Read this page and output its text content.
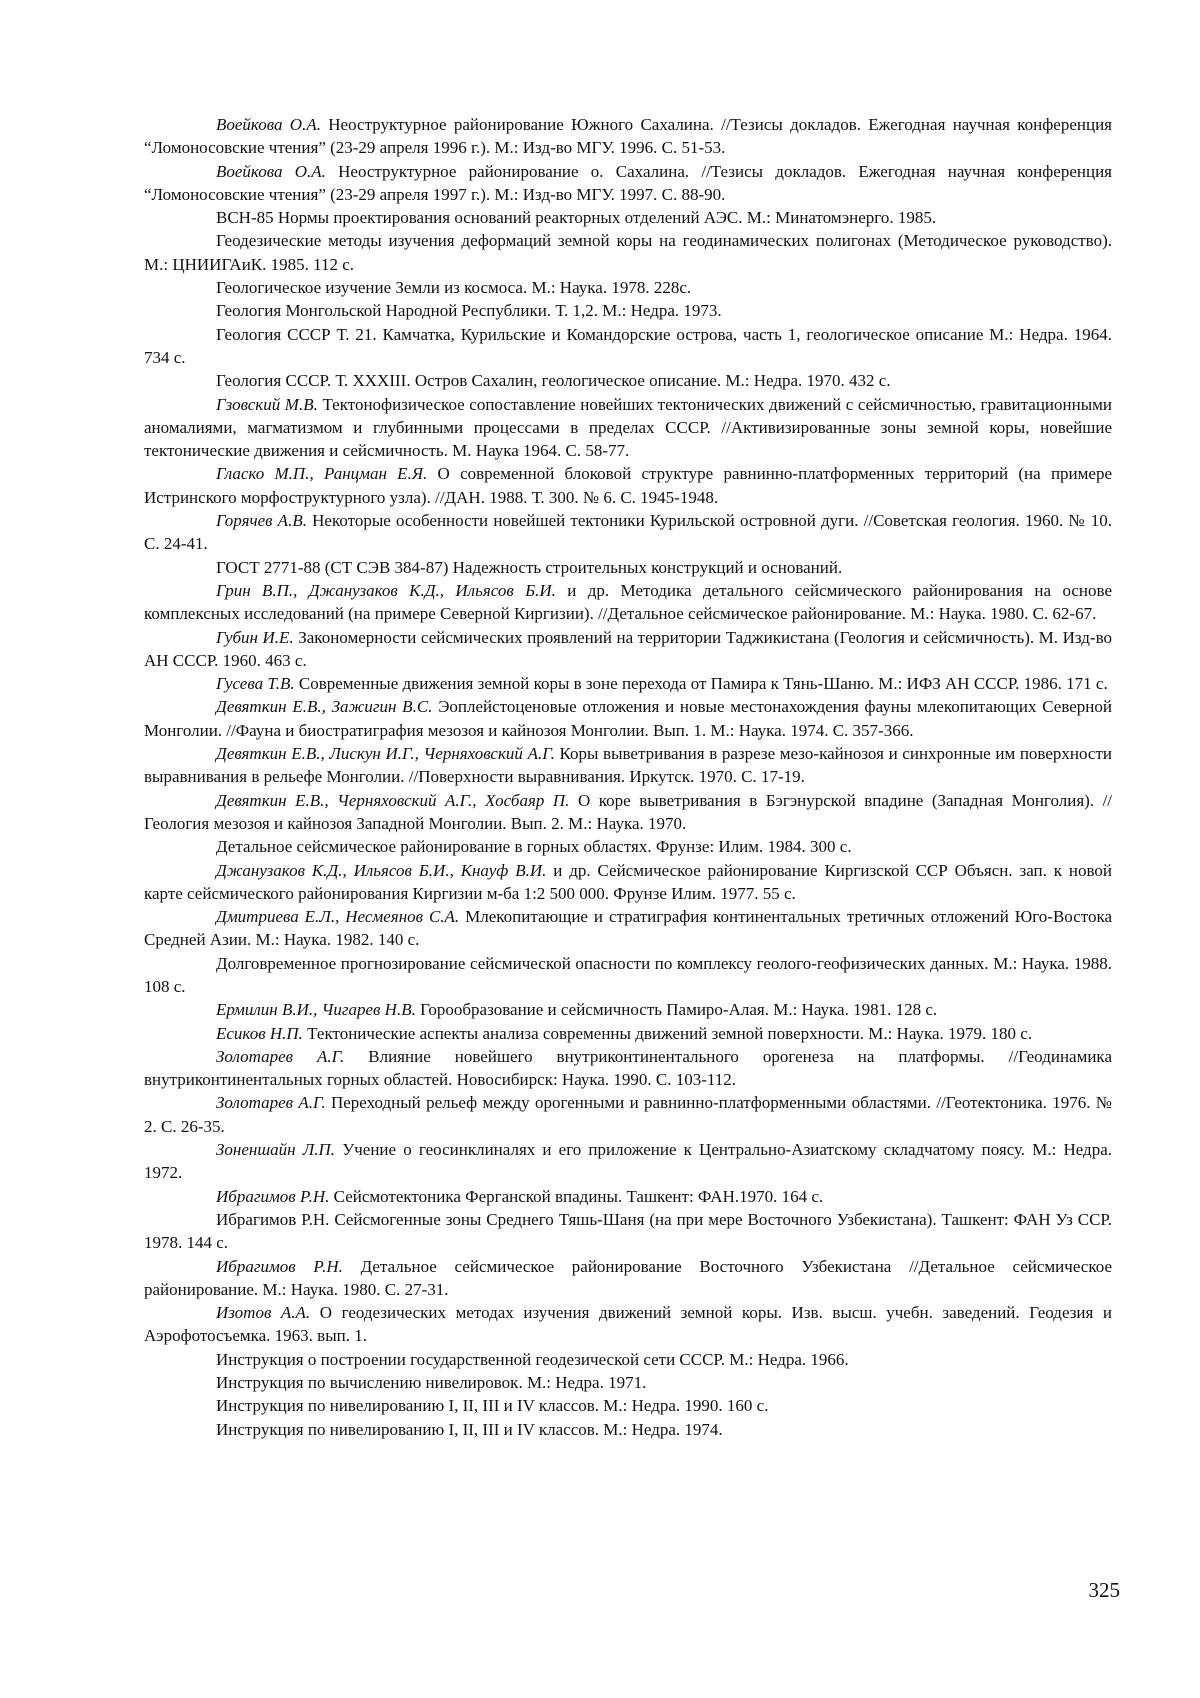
Воейкова О.А. Неоструктурное районирование Южного Сахалина. //Тезисы докладов. Ежегодная научная конференция “Ломоносовские чтения” (23-29 апреля 1996 г.). М.: Изд-во МГУ. 1996. С. 51-53.

Воейкова О.А. Неоструктурное районирование о. Сахалина. //Тезисы докладов. Ежегодная научная конференция “Ломоносовские чтения” (23-29 апреля 1997 г.). М.: Изд-во МГУ. 1997. С. 88-90.

ВСН-85 Нормы проектирования оснований реакторных отделений АЭС. М.: Минатомэнерго. 1985.

Геодезические методы изучения деформаций земной коры на геодинамических полигонах (Методическое руководство). М.: ЦНИИГАиК. 1985. 112 с.

Геологическое изучение Земли из космоса. М.: Наука. 1978. 228с.

Геология Монгольской Народной Республики. Т. 1,2. М.: Недра. 1973.

Геология СССР Т. 21. Камчатка, Курильские и Командорские острова, часть 1, геологическое описание М.: Недра. 1964. 734 с.

Геология СССР. Т. XXXIII. Остров Сахалин, геологическое описание. М.: Недра. 1970. 432 с.

Гзовский М.В. Тектонофизическое сопоставление новейших тектонических движений с сейсмичностью, гравитационными аномалиями, магматизмом и глубинными процессами в пределах СССР. //Активизированные зоны земной коры, новейшие тектонические движения и сейсмичность. М. Наука 1964. С. 58-77.

Гласко М.П., Ранцман Е.Я. О современной блоковой структуре равнинно-платформенных территорий (на примере Истринского морфоструктурного узла). //ДАН. 1988. Т. 300. № 6. С. 1945-1948.

Горячев А.В. Некоторые особенности новейшей тектоники Курильской островной дуги. //Советская геология. 1960. № 10. С. 24-41.

ГОСТ 2771-88 (СТ СЭВ 384-87) Надежность строительных конструкций и оснований.

Грин В.П., Джанузаков К.Д., Ильясов Б.И. и др. Методика детального сейсмического районирования на основе комплексных исследований (на примере Северной Киргизии). //Детальное сейсмическое районирование. М.: Наука. 1980. С. 62-67.

Губин И.Е. Закономерности сейсмических проявлений на территории Таджикистана (Геология и сейсмичность). М. Изд-во АН СССР. 1960. 463 с.

Гусева Т.В. Современные движения земной коры в зоне перехода от Памира к Тянь-Шаню. М.: ИФЗ АН СССР. 1986. 171 с.

Девяткин Е.В., Зажигин В.С. Эоплейстоценовые отложения и новые местонахождения фауны млекопитающих Северной Монголии. //Фауна и биостратиграфия мезозоя и кайнозоя Монголии. Вып. 1. М.: Наука. 1974. С. 357-366.

Девяткин Е.В., Лискун И.Г., Черняховский А.Г. Коры выветривания в разрезе мезо-кайнозоя и синхронные им поверхности выравнивания в рельефе Монголии. //Поверхности выравнивания. Иркутск. 1970. С. 17-19.

Девяткин Е.В., Черняховский А.Г., Хосбаяр П. О коре выветривания в Бэгэнурской впадине (Западная Монголия). //Геология мезозоя и кайнозоя Западной Монголии. Вып. 2. М.: Наука. 1970.

Детальное сейсмическое районирование в горных областях. Фрунзе: Илим. 1984. 300 с.

Джанузаков К.Д., Ильясов Б.И., Кнауф В.И. и др. Сейсмическое районирование Киргизской ССР Объясн. зап. к новой карте сейсмического районирования Киргизии м-ба 1:2 500 000. Фрунзе Илим. 1977. 55 с.

Дмитриева Е.Л., Несмеянов С.А. Млекопитающие и стратиграфия континентальных третичных отложений Юго-Востока Средней Азии. М.: Наука. 1982. 140 с.

Долговременное прогнозирование сейсмической опасности по комплексу геолого-геофизических данных. М.: Наука. 1988. 108 с.

Ермилин В.И., Чигарев Н.В. Горообразование и сейсмичность Памиро-Алая. М.: Наука. 1981. 128 с.

Есиков Н.П. Тектонические аспекты анализа современны движений земной поверхности. М.: Наука. 1979. 180 с.

Золотарев А.Г. Влияние новейшего внутриконтинентального орогенеза на платформы. //Геодинамика внутриконтинентальных горных областей. Новосибирск: Наука. 1990. С. 103-112.

Золотарев А.Г. Переходный рельеф между орогенными и равнинно-платформенными областями. //Геотектоника. 1976. № 2. С. 26-35.

Зоненшайн Л.П. Учение о геосинклиналях и его приложение к Центрально-Азиатскому складчатому поясу. М.: Недра. 1972.

Ибрагимов Р.Н. Сейсмотектоника Ферганской впадины. Ташкент: ФАН.1970. 164 с.

Ибрагимов Р.Н. Сейсмогенные зоны Среднего Тяшь-Шаня (на при мере Восточного Узбекистана). Ташкент: ФАН Уз ССР. 1978. 144 с.

Ибрагимов Р.Н. Детальное сейсмическое районирование Восточного Узбекистана //Детальное сейсмическое районирование. М.: Наука. 1980. С. 27-31.

Изотов А.А. О геодезических методах изучения движений земной коры. Изв. высш. учебн. заведений. Геодезия и Аэрофотосъемка. 1963. вып. 1.

Инструкция о построении государственной геодезической сети СССР. М.: Недра. 1966.

Инструкция по вычислению нивелировок. М.: Недра. 1971.

Инструкция по нивелированию I, II, III и IV классов. М.: Недра. 1990. 160 с.

Инструкция по нивелированию I, II, III и IV классов. М.: Недра. 1974.

325
